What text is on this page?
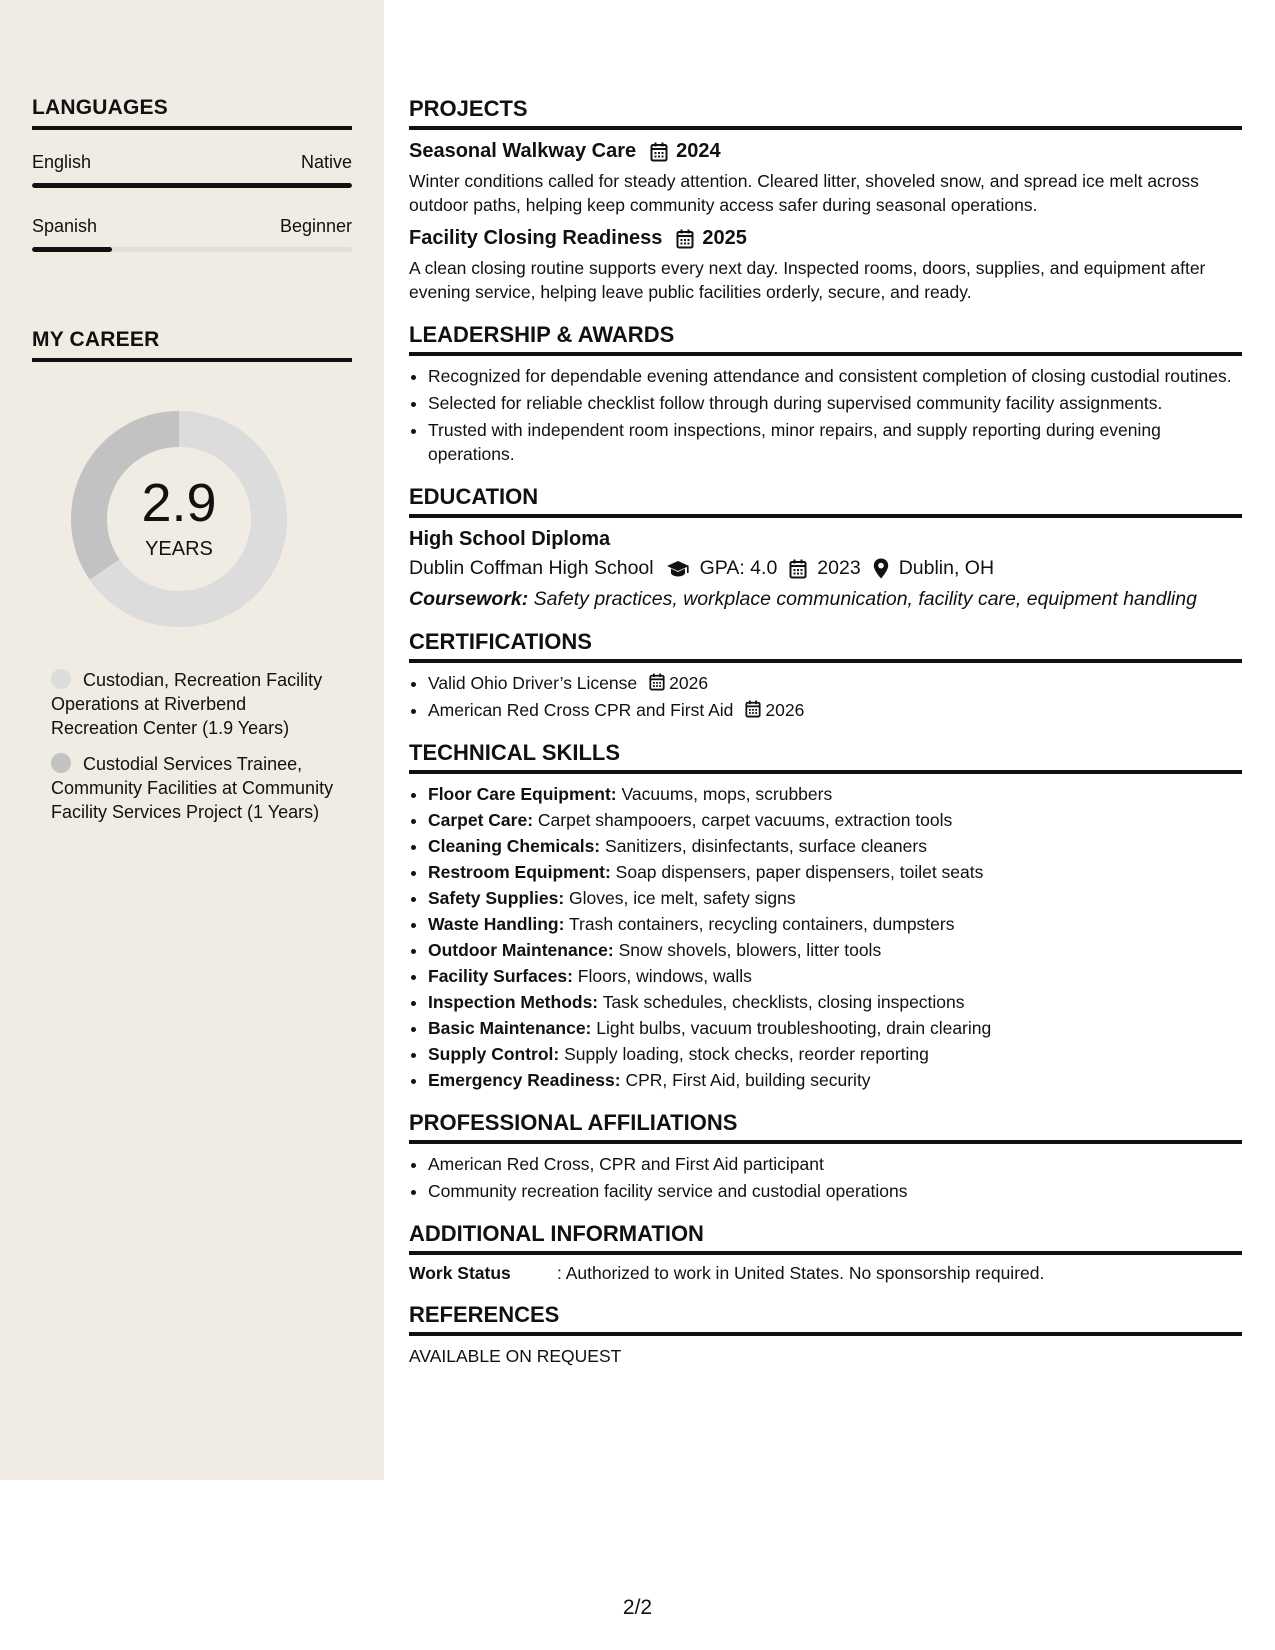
LANGUAGES
English	Native
Spanish	Beginner
MY CAREER
2.9
YEARS
Custodian, Recreation Facility Operations at Riverbend Recreation Center (1.9 Years)
Custodial Services Trainee, Community Facilities at Community Facility Services Project (1 Years)
PROJECTS
Seasonal Walkway Care 2024
Winter conditions called for steady attention. Cleared litter, shoveled snow, and spread ice melt across outdoor paths, helping keep community access safer during seasonal operations.
Facility Closing Readiness 2025
A clean closing routine supports every next day. Inspected rooms, doors, supplies, and equipment after evening service, helping leave public facilities orderly, secure, and ready.
LEADERSHIP & AWARDS
• Recognized for dependable evening attendance and consistent completion of closing custodial routines.
• Selected for reliable checklist follow through during supervised community facility assignments.
• Trusted with independent room inspections, minor repairs, and supply reporting during evening operations.
EDUCATION
High School Diploma
Dublin Coffman High School GPA: 4.0 2023 Dublin, OH
Coursework: Safety practices, workplace communication, facility care, equipment handling
CERTIFICATIONS
• Valid Ohio Driver’s License 2026
• American Red Cross CPR and First Aid 2026
TECHNICAL SKILLS
• Floor Care Equipment: Vacuums, mops, scrubbers
• Carpet Care: Carpet shampooers, carpet vacuums, extraction tools
• Cleaning Chemicals: Sanitizers, disinfectants, surface cleaners
• Restroom Equipment: Soap dispensers, paper dispensers, toilet seats
• Safety Supplies: Gloves, ice melt, safety signs
• Waste Handling: Trash containers, recycling containers, dumpsters
• Outdoor Maintenance: Snow shovels, blowers, litter tools
• Facility Surfaces: Floors, windows, walls
• Inspection Methods: Task schedules, checklists, closing inspections
• Basic Maintenance: Light bulbs, vacuum troubleshooting, drain clearing
• Supply Control: Supply loading, stock checks, reorder reporting
• Emergency Readiness: CPR, First Aid, building security
PROFESSIONAL AFFILIATIONS
• American Red Cross, CPR and First Aid participant
• Community recreation facility service and custodial operations
ADDITIONAL INFORMATION
Work Status	: Authorized to work in United States. No sponsorship required.
REFERENCES
AVAILABLE ON REQUEST
2/2
